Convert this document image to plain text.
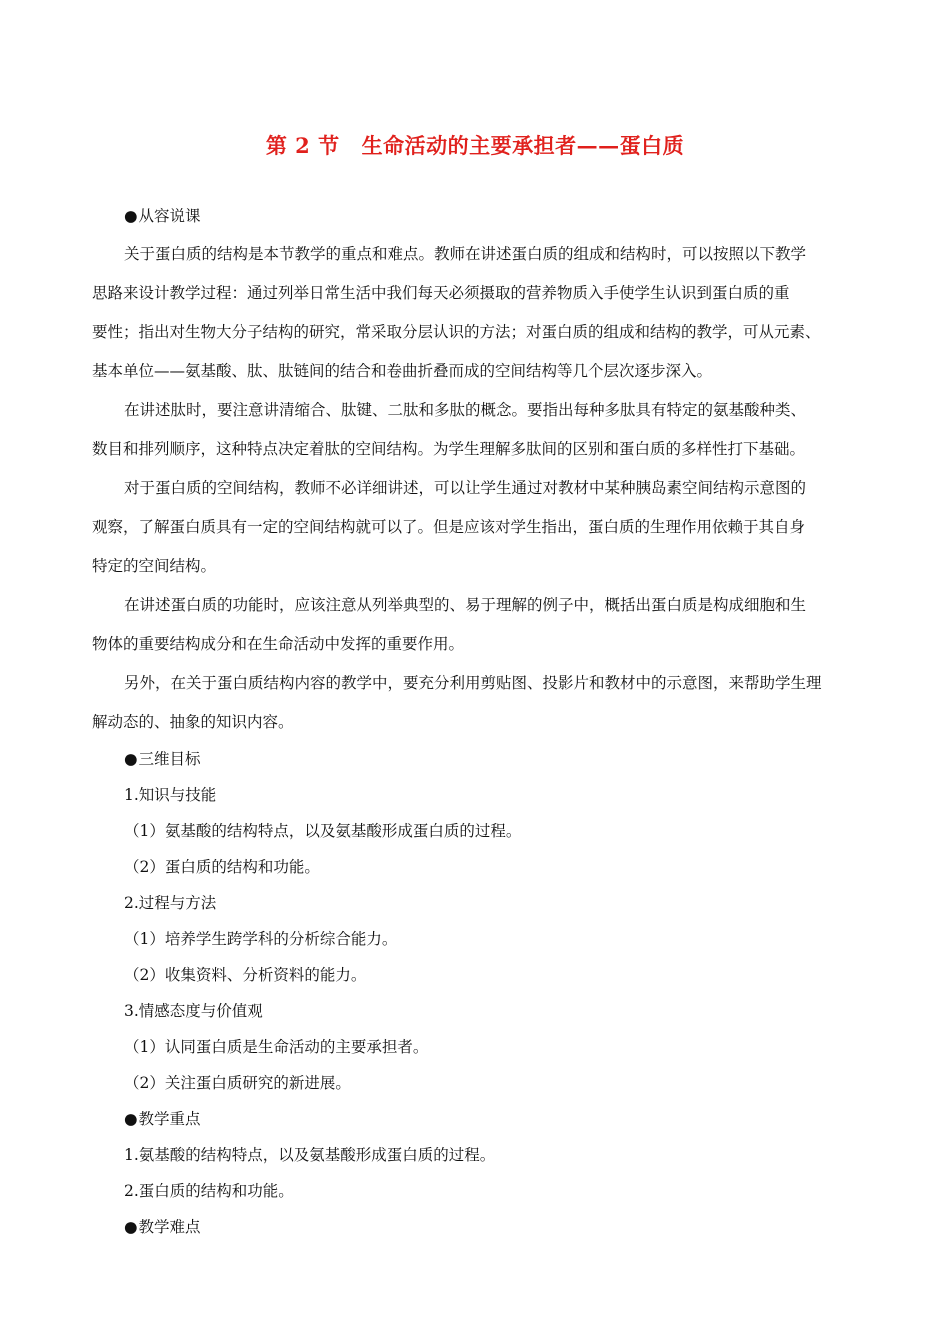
第 2 节 生命活动的主要承担者——蛋白质
●从容说课
关于蛋白质的结构是本节教学的重点和难点。教师在讲述蛋白质的组成和结构时，可以按照以下教学
思路来设计教学过程：通过列举日常生活中我们每天必须摄取的营养物质入手使学生认识到蛋白质的重
要性；指出对生物大分子结构的研究，常采取分层认识的方法；对蛋白质的组成和结构的教学，可从元素、
基本单位——氨基酸、肽、肽链间的结合和卷曲折叠而成的空间结构等几个层次逐步深入。
在讲述肽时，要注意讲清缩合、肽键、二肽和多肽的概念。要指出每种多肽具有特定的氨基酸种类、
数目和排列顺序，这种特点决定着肽的空间结构。为学生理解多肽间的区别和蛋白质的多样性打下基础。
对于蛋白质的空间结构，教师不必详细讲述，可以让学生通过对教材中某种胰岛素空间结构示意图的
观察，了解蛋白质具有一定的空间结构就可以了。但是应该对学生指出，蛋白质的生理作用依赖于其自身
特定的空间结构。
在讲述蛋白质的功能时，应该注意从列举典型的、易于理解的例子中，概括出蛋白质是构成细胞和生
物体的重要结构成分和在生命活动中发挥的重要作用。
另外，在关于蛋白质结构内容的教学中，要充分利用剪贴图、投影片和教材中的示意图，来帮助学生理
解动态的、抽象的知识内容。
●三维目标
1.知识与技能
（1）氨基酸的结构特点，以及氨基酸形成蛋白质的过程。
（2）蛋白质的结构和功能。
2.过程与方法
（1）培养学生跨学科的分析综合能力。
（2）收集资料、分析资料的能力。
3.情感态度与价值观
（1）认同蛋白质是生命活动的主要承担者。
（2）关注蛋白质研究的新进展。
●教学重点
1.氨基酸的结构特点，以及氨基酸形成蛋白质的过程。
2.蛋白质的结构和功能。
●教学难点
